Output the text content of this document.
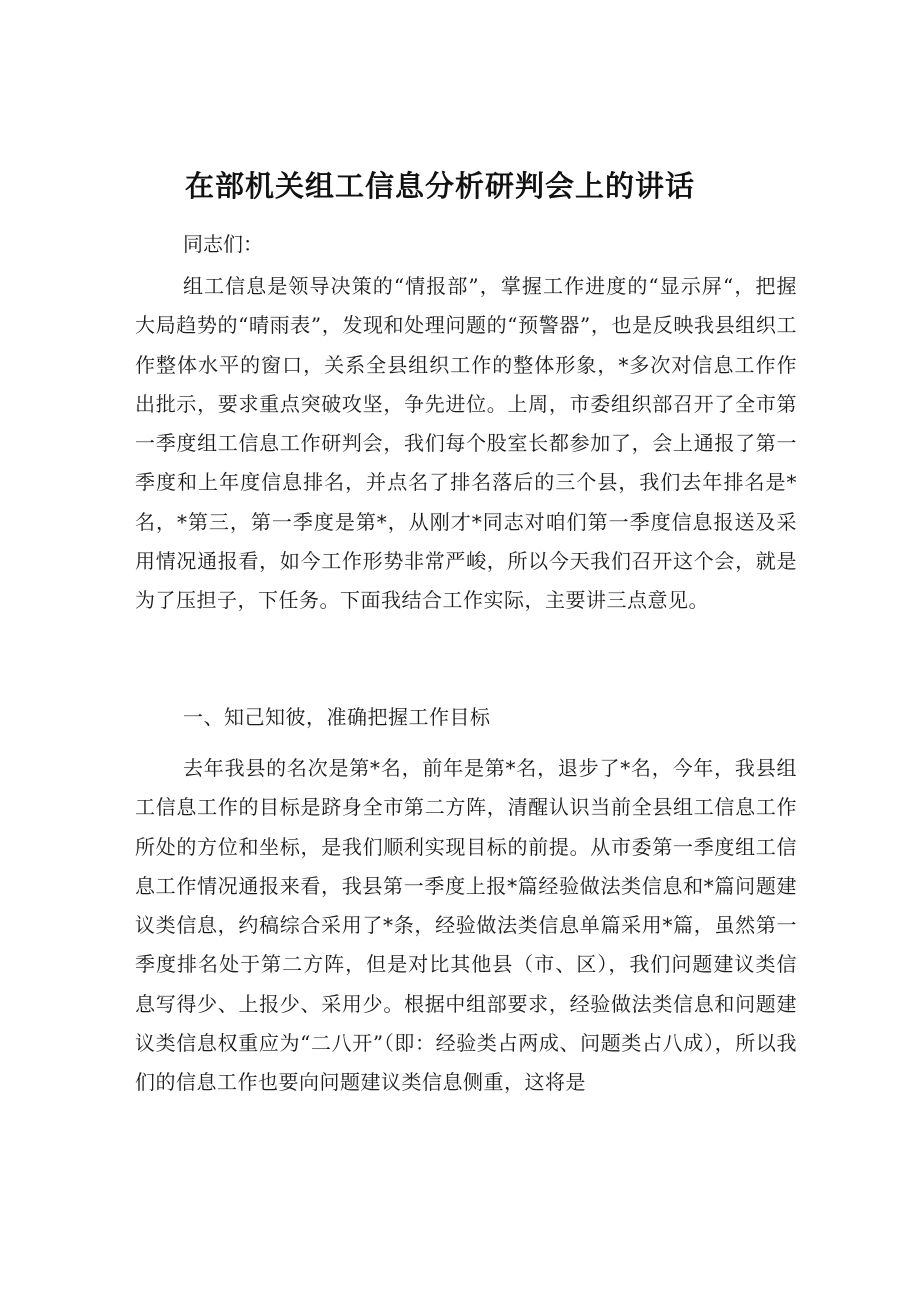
在部机关组工信息分析研判会上的讲话

同志们：

组工信息是领导决策的“情报部”，掌握工作进度的“显示屏“，把握大局趋势的“晴雨表”，发现和处理问题的“预警器”，也是反映我县组织工作整体水平的窗口，关系全县组织工作的整体形象，*多次对信息工作作出批示，要求重点突破攻坚，争先进位。上周，市委组织部召开了全市第一季度组工信息工作研判会，我们每个股室长都参加了，会上通报了第一季度和上年度信息排名，并点名了排名落后的三个县，我们去年排名是*名，*第三，第一季度是第*，从刚才*同志对咱们第一季度信息报送及采用情况通报看，如今工作形势非常严峻，所以今天我们召开这个会，就是为了压担子，下任务。下面我结合工作实际，主要讲三点意见。

一、知己知彼，准确把握工作目标

去年我县的名次是第*名，前年是第*名，退步了*名，今年，我县组工信息工作的目标是跻身全市第二方阵，清醒认识当前全县组工信息工作所处的方位和坐标，是我们顺利实现目标的前提。从市委第一季度组工信息工作情况通报来看，我县第一季度上报*篇经验做法类信息和*篇问题建议类信息，约稿综合采用了*条，经验做法类信息单篇采用*篇，虽然第一季度排名处于第二方阵，但是对比其他县（市、区），我们问题建议类信息写得少、上报少、采用少。根据中组部要求，经验做法类信息和问题建议类信息权重应为“二八开”（即：经验类占两成、问题类占八成），所以我们的信息工作也要向问题建议类信息侧重，这将是
